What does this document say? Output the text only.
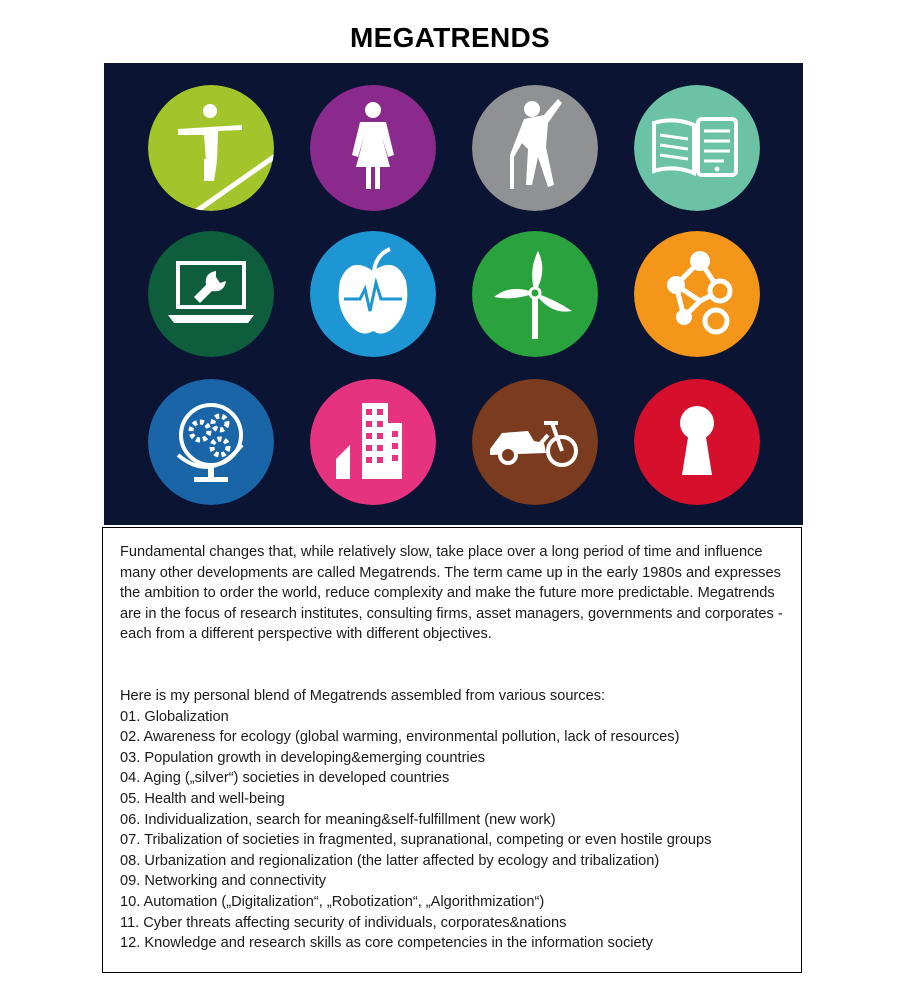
MEGATRENDS

Fundamental changes that, while relatively slow, take place over a long period of time and influence many other developments are called Megatrends. The term came up in the early 1980s and expresses the ambition to order the world, reduce complexity and make the future more predictable. Megatrends are in the focus of research institutes, consulting firms, asset managers, governments and corporates - each from a different perspective with different objectives.

Here is my personal blend of Megatrends assembled from various sources:
01. Globalization
02. Awareness for ecology (global warming, environmental pollution, lack of resources)
03. Population growth in developing&emerging countries
04. Aging („silver“) societies in developed countries
05. Health and well-being
06. Individualization, search for meaning&self-fulfillment (new work)
07. Tribalization of societies in fragmented, supranational, competing or even hostile groups
08. Urbanization and regionalization (the latter affected by ecology and tribalization)
09. Networking and connectivity
10. Automation („Digitalization“, „Robotization“, „Algorithmization“)
11. Cyber threats affecting security of individuals, corporates&nations
12. Knowledge and research skills as core competencies in the information society
